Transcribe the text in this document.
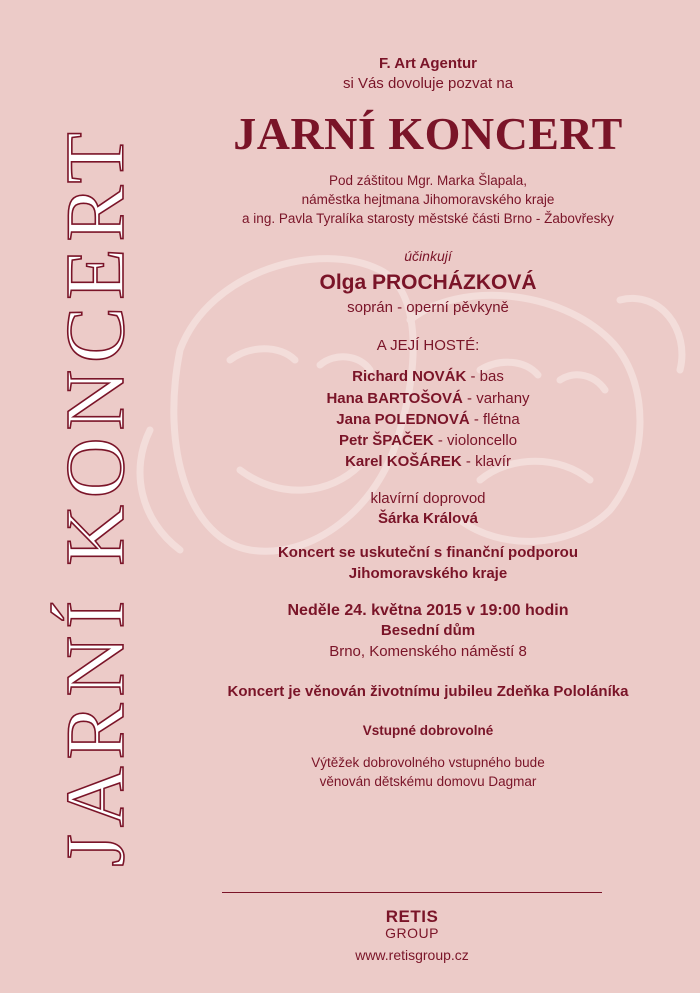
JARNÍ KONCERT

F. Art Agentur

si Vás dovoluje pozvat na

JARNÍ KONCERT

Pod záštitou Mgr. Marka Šlapala,

náměstka hejtmana Jihomoravského kraje

a ing. Pavla Tyralíka starosty městské části Brno - Žabovřesky

účinkují

Olga PROCHÁZKOVÁ

soprán - operní pěvkyně

A JEJÍ HOSTÉ:

Richard NOVÁK - bas

Hana BARTOŠOVÁ - varhany

Jana POLEDNOVÁ - flétna

Petr ŠPAČEK - violoncello

Karel KOŠÁREK - klavír

klavírní doprovod

Šárka Králová

Koncert se uskuteční s finanční podporou

Jihomoravského kraje

Neděle 24. května 2015 v 19:00 hodin

Besední dům

Brno, Komenského náměstí 8

Koncert je věnován životnímu jubileu Zdeňka Pololáníka

Vstupné dobrovolné

Výtěžek dobrovolného vstupného bude

věnován dětskému domovu Dagmar

RETIS
GROUP
www.retisgroup.cz
